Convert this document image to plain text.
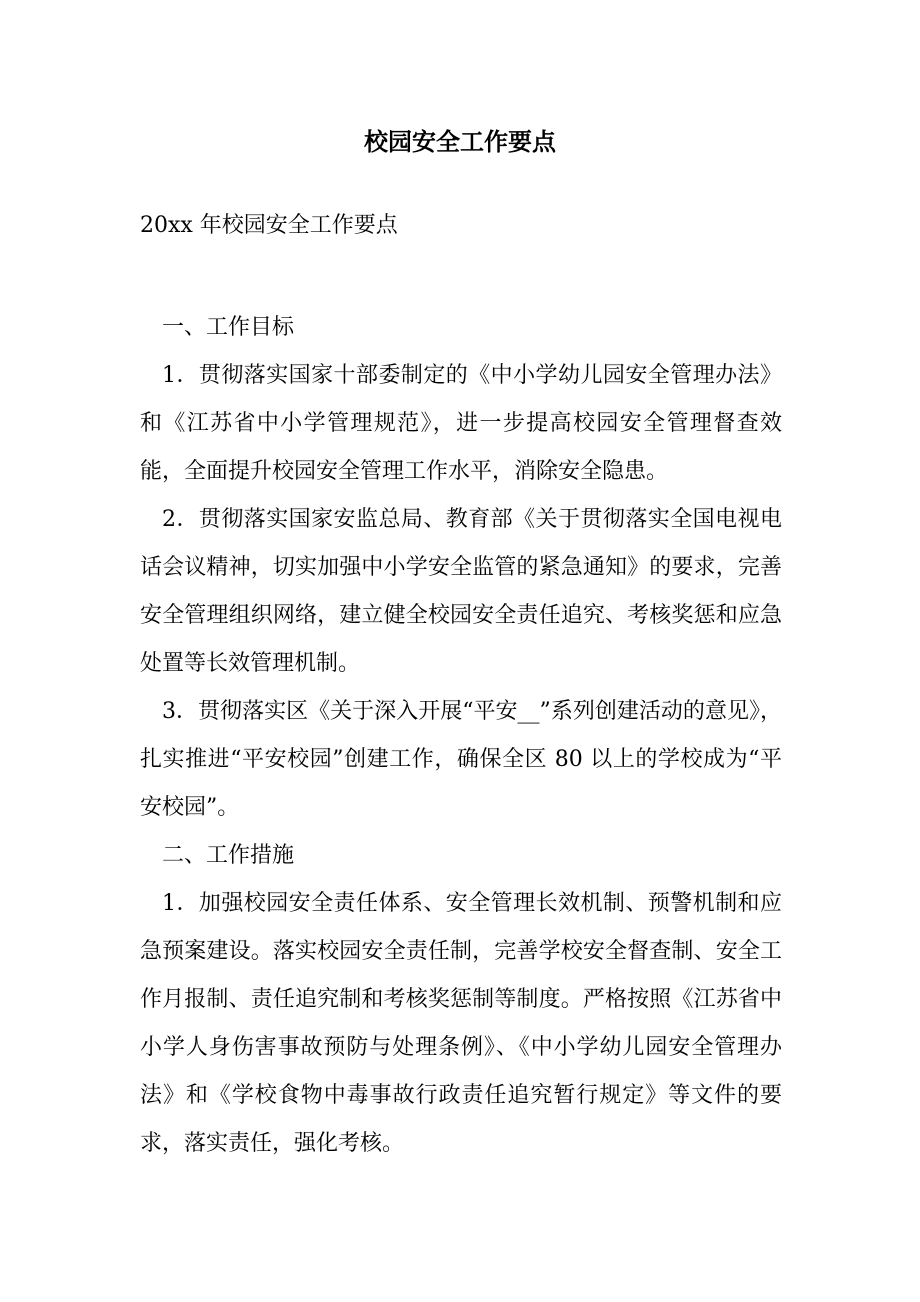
校园安全工作要点

20xx 年校园安全工作要点

一、工作目标

1．贯彻落实国家十部委制定的《中小学幼儿园安全管理办法》和《江苏省中小学管理规范》，进一步提高校园安全管理督查效能，全面提升校园安全管理工作水平，消除安全隐患。

2．贯彻落实国家安监总局、教育部《关于贯彻落实全国电视电话会议精神，切实加强中小学安全监管的紧急通知》的要求，完善安全管理组织网络，建立健全校园安全责任追究、考核奖惩和应急处置等长效管理机制。

3．贯彻落实区《关于深入开展“平安__”系列创建活动的意见》，扎实推进“平安校园”创建工作，确保全区 80 以上的学校成为“平安校园”。

二、工作措施

1．加强校园安全责任体系、安全管理长效机制、预警机制和应急预案建设。落实校园安全责任制，完善学校安全督查制、安全工作月报制、责任追究制和考核奖惩制等制度。严格按照《江苏省中小学人身伤害事故预防与处理条例》、《中小学幼儿园安全管理办法》和《学校食物中毒事故行政责任追究暂行规定》等文件的要求，落实责任，强化考核。
